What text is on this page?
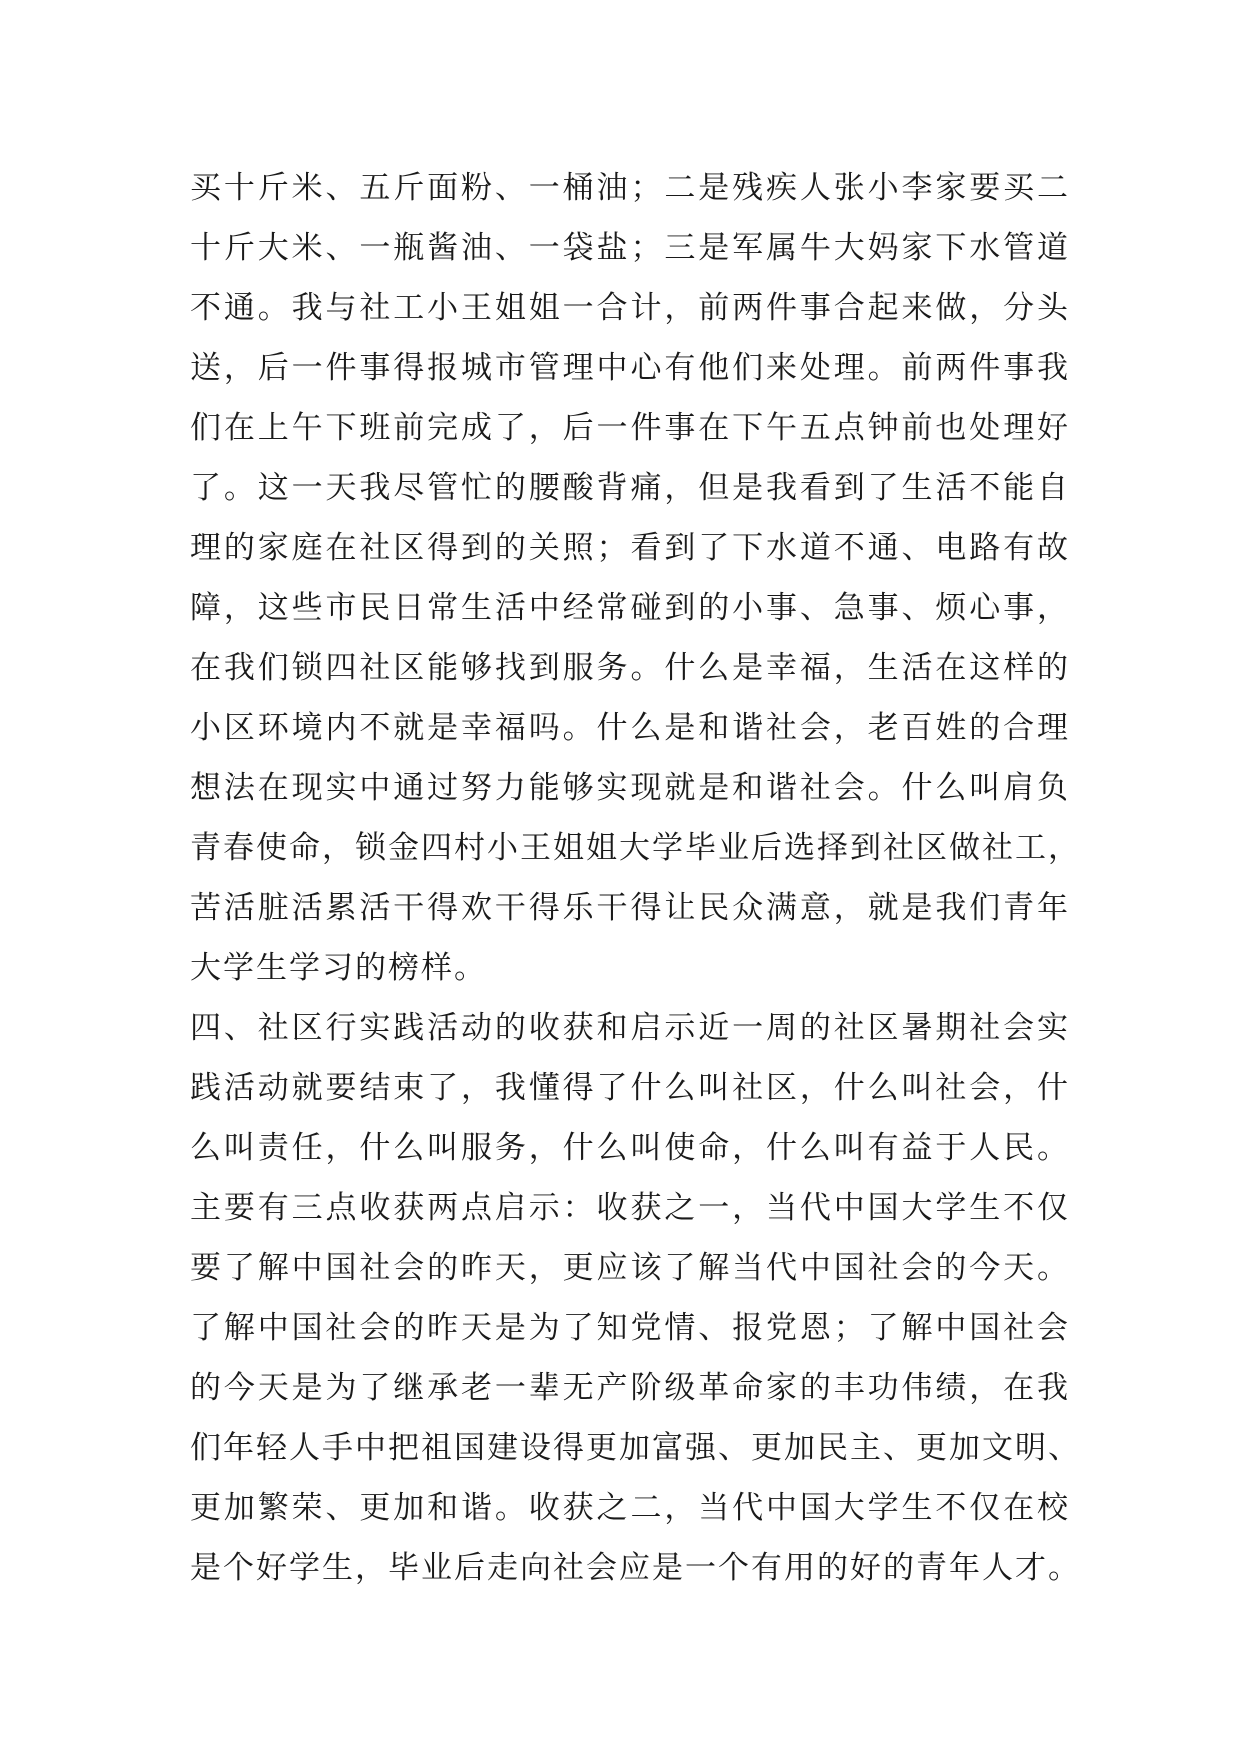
买十斤米、五斤面粉、一桶油；二是残疾人张小李家要买二
十斤大米、一瓶酱油、一袋盐；三是军属牛大妈家下水管道
不通。我与社工小王姐姐一合计，前两件事合起来做，分头
送，后一件事得报城市管理中心有他们来处理。前两件事我
们在上午下班前完成了，后一件事在下午五点钟前也处理好
了。这一天我尽管忙的腰酸背痛，但是我看到了生活不能自
理的家庭在社区得到的关照；看到了下水道不通、电路有故
障，这些市民日常生活中经常碰到的小事、急事、烦心事，
在我们锁四社区能够找到服务。什么是幸福，生活在这样的
小区环境内不就是幸福吗。什么是和谐社会，老百姓的合理
想法在现实中通过努力能够实现就是和谐社会。什么叫肩负
青春使命，锁金四村小王姐姐大学毕业后选择到社区做社工，
苦活脏活累活干得欢干得乐干得让民众满意，就是我们青年
大学生学习的榜样。
四、社区行实践活动的收获和启示近一周的社区暑期社会实
践活动就要结束了，我懂得了什么叫社区，什么叫社会，什
么叫责任，什么叫服务，什么叫使命，什么叫有益于人民。
主要有三点收获两点启示：收获之一，当代中国大学生不仅
要了解中国社会的昨天，更应该了解当代中国社会的今天。
了解中国社会的昨天是为了知党情、报党恩；了解中国社会
的今天是为了继承老一辈无产阶级革命家的丰功伟绩，在我
们年轻人手中把祖国建设得更加富强、更加民主、更加文明、
更加繁荣、更加和谐。收获之二，当代中国大学生不仅在校
是个好学生，毕业后走向社会应是一个有用的好的青年人才。
